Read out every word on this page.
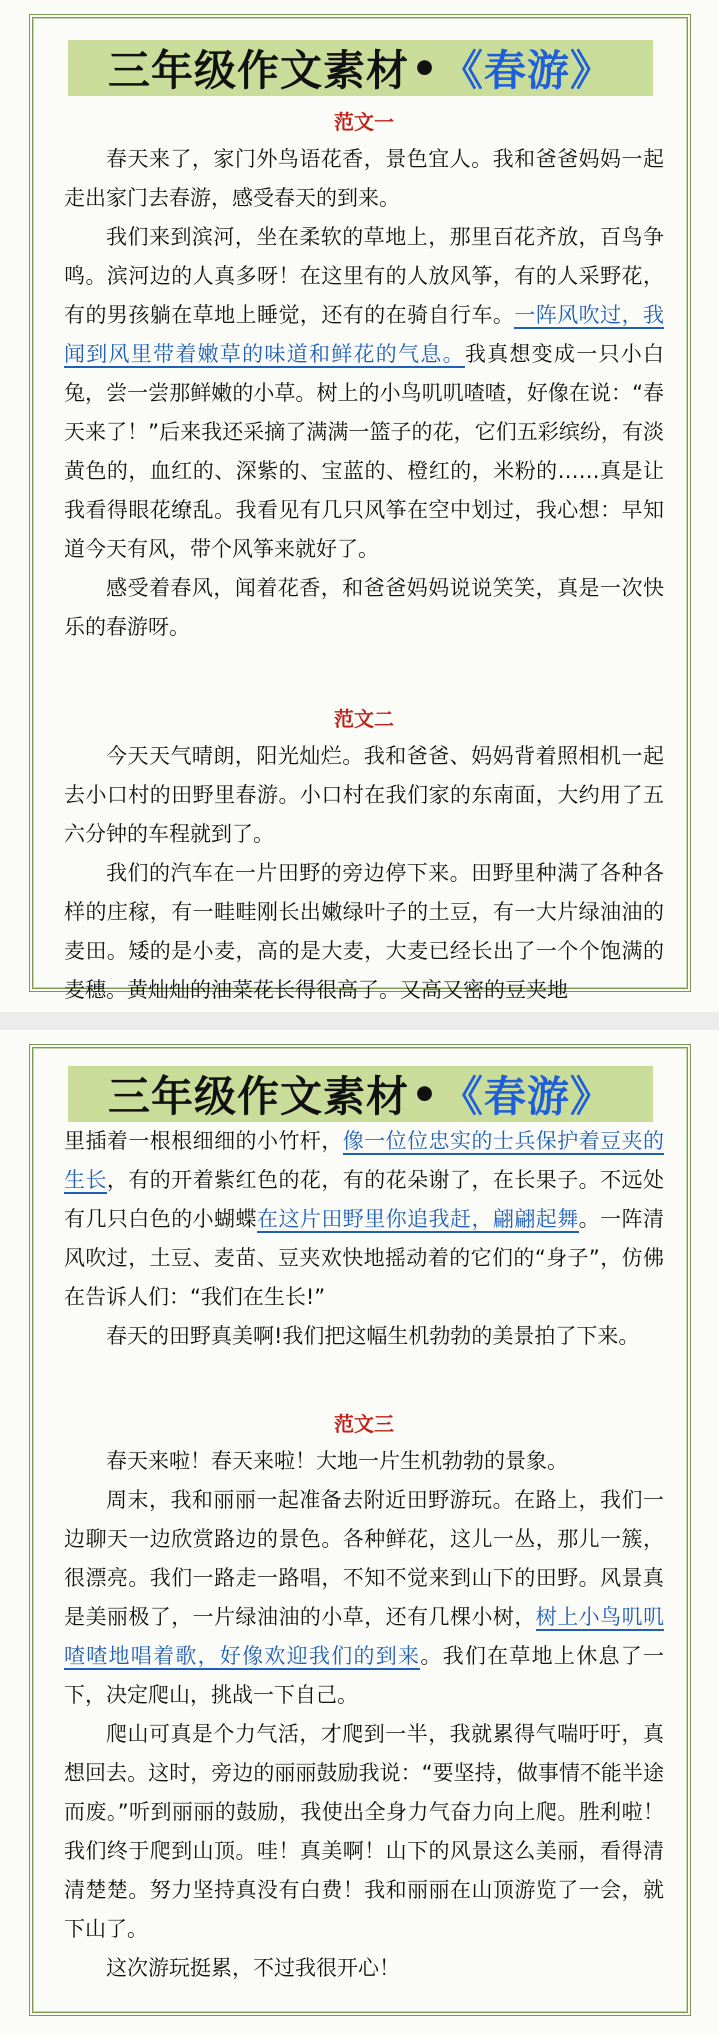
三年级作文素材 • 《春游》
范文一

春天来了，家门外鸟语花香，景色宜人。我和爸爸妈妈一起走出家门去春游，感受春天的到来。

我们来到滨河，坐在柔软的草地上，那里百花齐放，百鸟争鸣。滨河边的人真多呀！在这里有的人放风筝，有的人采野花，有的男孩躺在草地上睡觉，还有的在骑自行车。一阵风吹过，我闻到风里带着嫩草的味道和鲜花的气息。我真想变成一只小白兔，尝一尝那鲜嫩的小草。树上的小鸟叽叽喳喳，好像在说：“春天来了！”后来我还采摘了满满一篮子的花，它们五彩缤纷，有淡黄色的，血红的、深紫的、宝蓝的、橙红的，米粉的……真是让我看得眼花缭乱。我看见有几只风筝在空中划过，我心想：早知道今天有风，带个风筝来就好了。

感受着春风，闻着花香，和爸爸妈妈说说笑笑，真是一次快乐的春游呀。

范文二

今天天气晴朗，阳光灿烂。我和爸爸、妈妈背着照相机一起去小口村的田野里春游。小口村在我们家的东南面，大约用了五六分钟的车程就到了。

我们的汽车在一片田野的旁边停下来。田野里种满了各种各样的庄稼，有一畦畦刚长出嫩绿叶子的土豆，有一大片绿油油的麦田。矮的是小麦，高的是大麦，大麦已经长出了一个个饱满的麦穗。黄灿灿的油菜花长得很高了。又高又密的豆夹地

三年级作文素材 • 《春游》

里插着一根根细细的小竹杆，像一位位忠实的士兵保护着豆夹的生长，有的开着紫红色的花，有的花朵谢了，在长果子。不远处有几只白色的小蝴蝶在这片田野里你追我赶，翩翩起舞。一阵清风吹过，土豆、麦苗、豆夹欢快地摇动着的它们的“身子”，仿佛在告诉人们：“我们在生长!”

春天的田野真美啊!我们把这幅生机勃勃的美景拍了下来。

范文三

春天来啦！春天来啦！大地一片生机勃勃的景象。

周末，我和丽丽一起准备去附近田野游玩。在路上，我们一边聊天一边欣赏路边的景色。各种鲜花，这儿一丛，那儿一簇，很漂亮。我们一路走一路唱，不知不觉来到山下的田野。风景真是美丽极了，一片绿油油的小草，还有几棵小树，树上小鸟叽叽喳喳地唱着歌，好像欢迎我们的到来。我们在草地上休息了一下，决定爬山，挑战一下自己。

爬山可真是个力气活，才爬到一半，我就累得气喘吁吁，真想回去。这时，旁边的丽丽鼓励我说：“要坚持，做事情不能半途而废。”听到丽丽的鼓励，我使出全身力气奋力向上爬。胜利啦！我们终于爬到山顶。哇！真美啊！山下的风景这么美丽，看得清清楚楚。努力坚持真没有白费！我和丽丽在山顶游览了一会，就下山了。

这次游玩挺累，不过我很开心！
